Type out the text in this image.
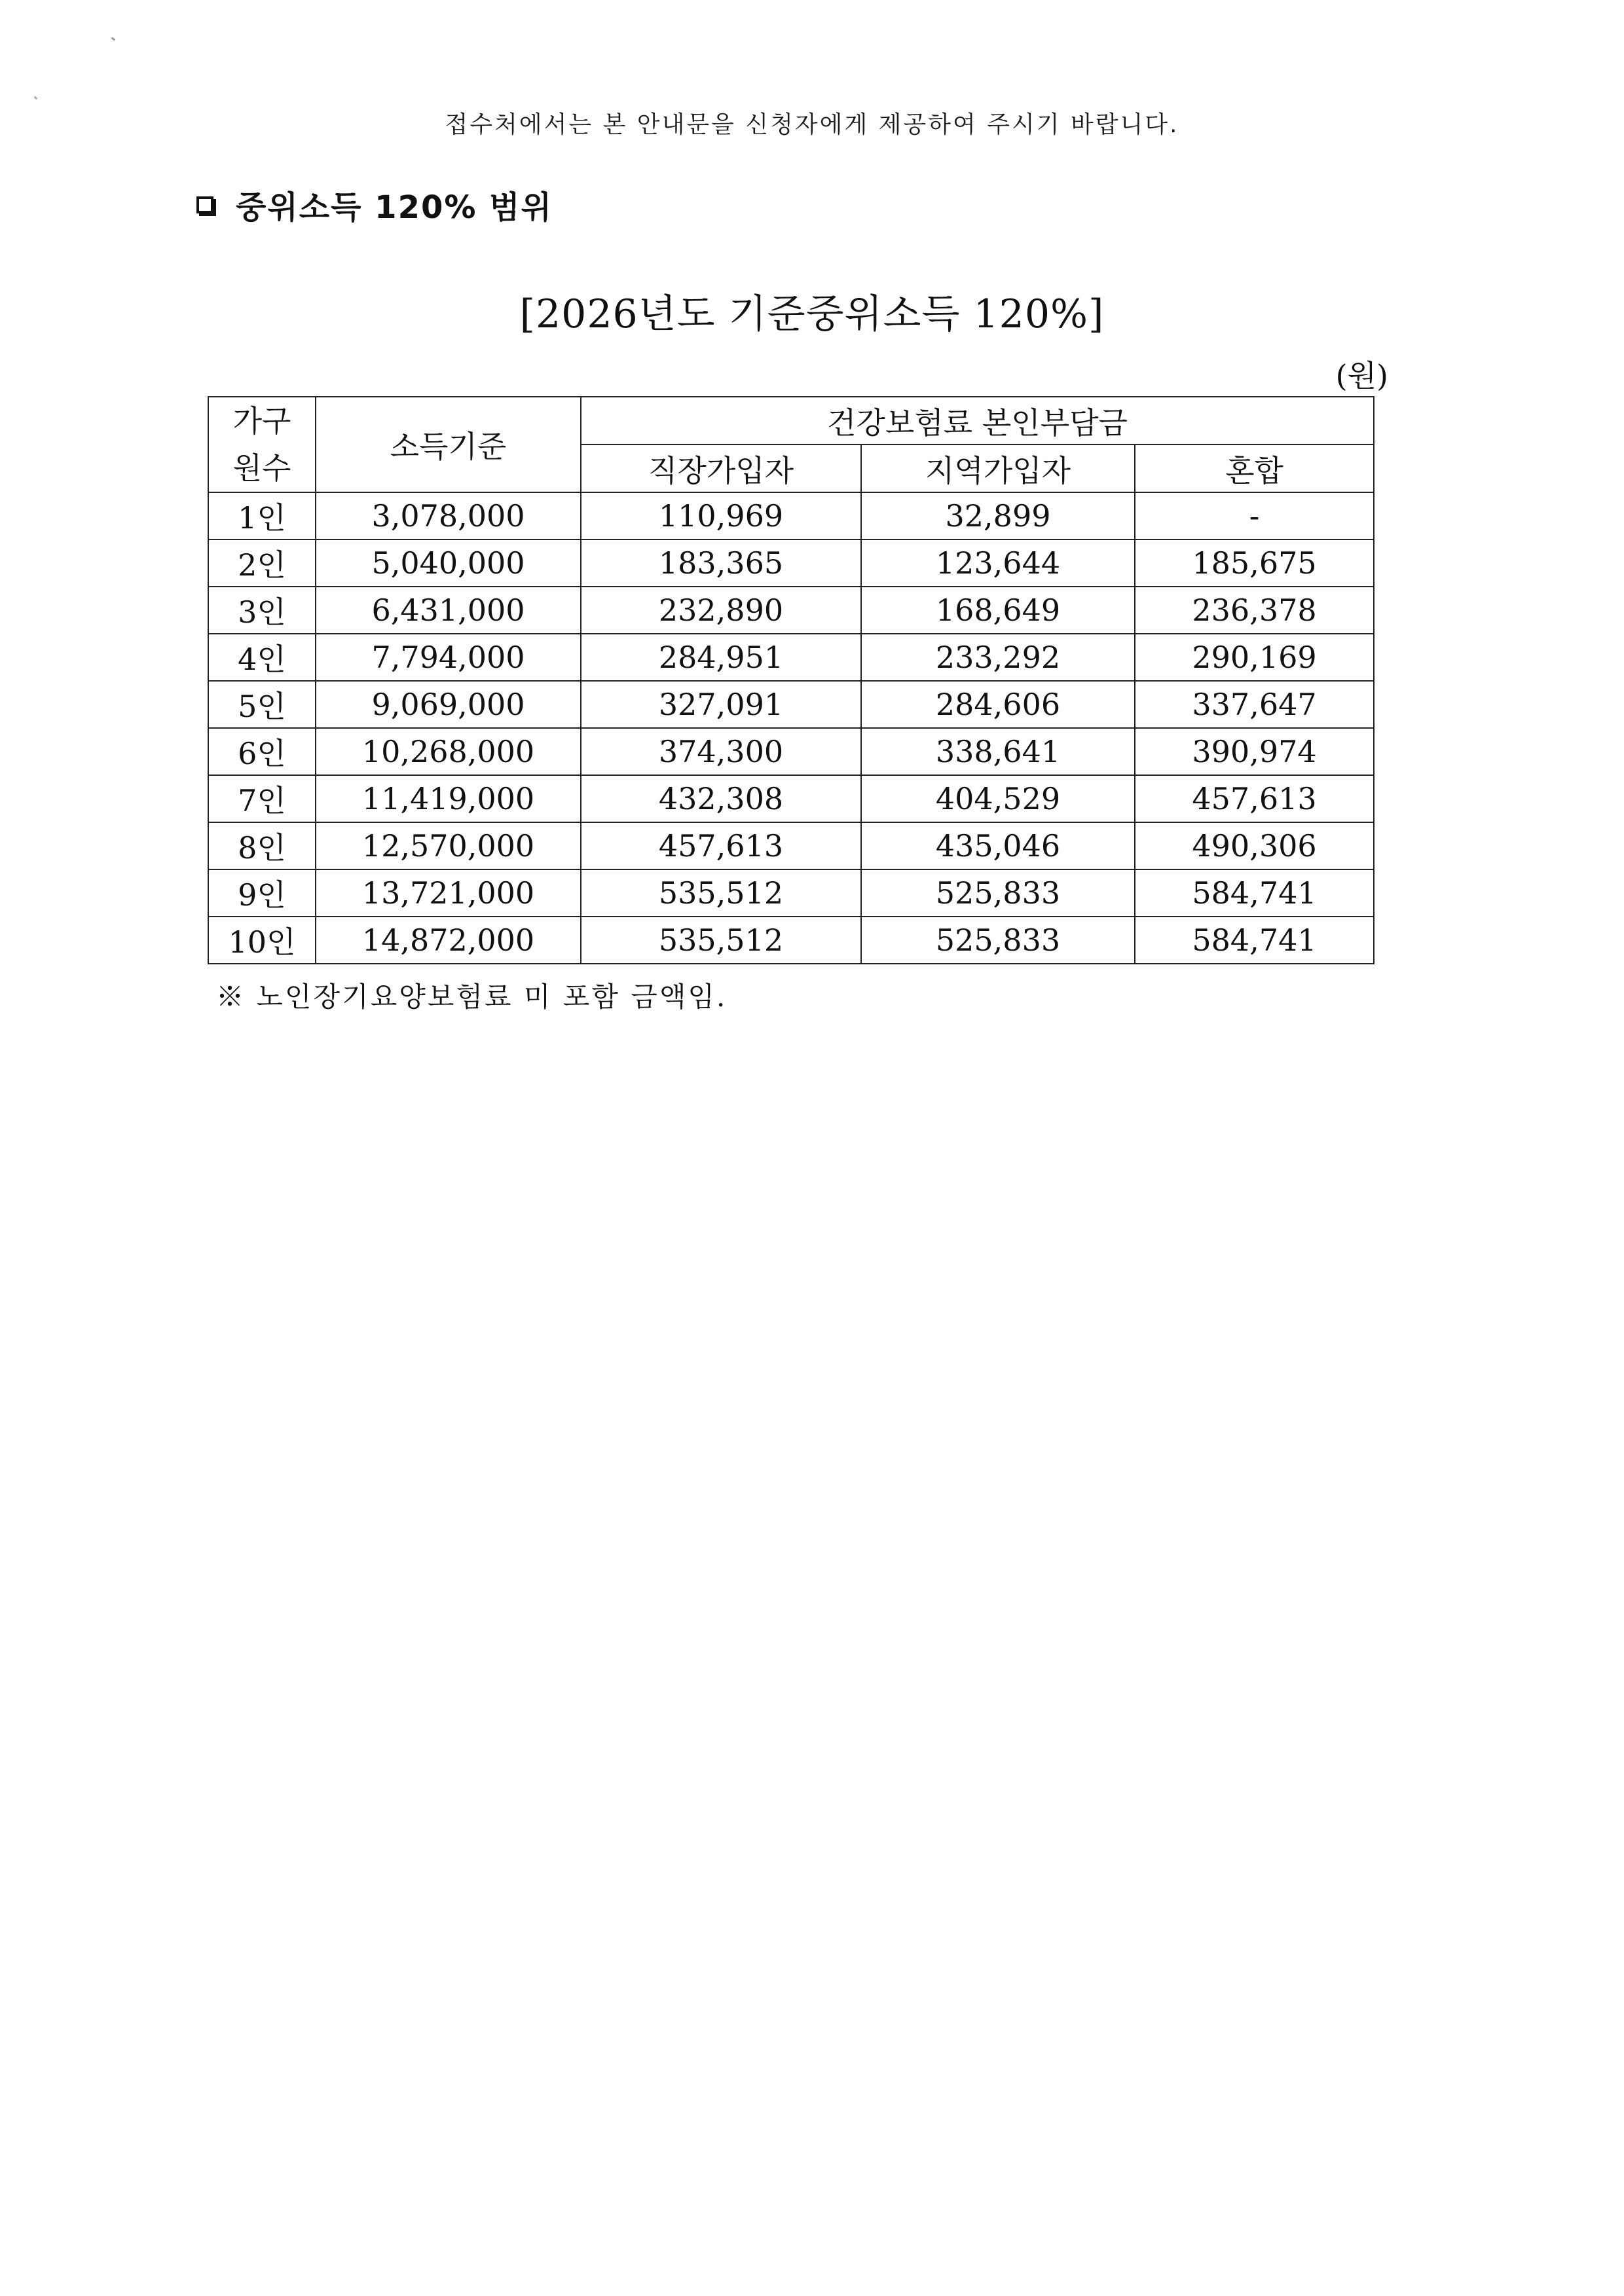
접수처에서는 본 안내문을 신청자에게 제공하여 주시기 바랍니다.
중위소득 120% 범위
[2026년도 기준중위소득 120%]
(원)
가구
원수	소득기준	건강보험료 본인부담금		
		직장가입자	지역가입자	혼합
1인	3,078,000	110,969	32,899	-
2인	5,040,000	183,365	123,644	185,675
3인	6,431,000	232,890	168,649	236,378
4인	7,794,000	284,951	233,292	290,169
5인	9,069,000	327,091	284,606	337,647
6인	10,268,000	374,300	338,641	390,974
7인	11,419,000	432,308	404,529	457,613
8인	12,570,000	457,613	435,046	490,306
9인	13,721,000	535,512	525,833	584,741
10인	14,872,000	535,512	525,833	584,741
※ 노인장기요양보험료 미 포함 금액임.
